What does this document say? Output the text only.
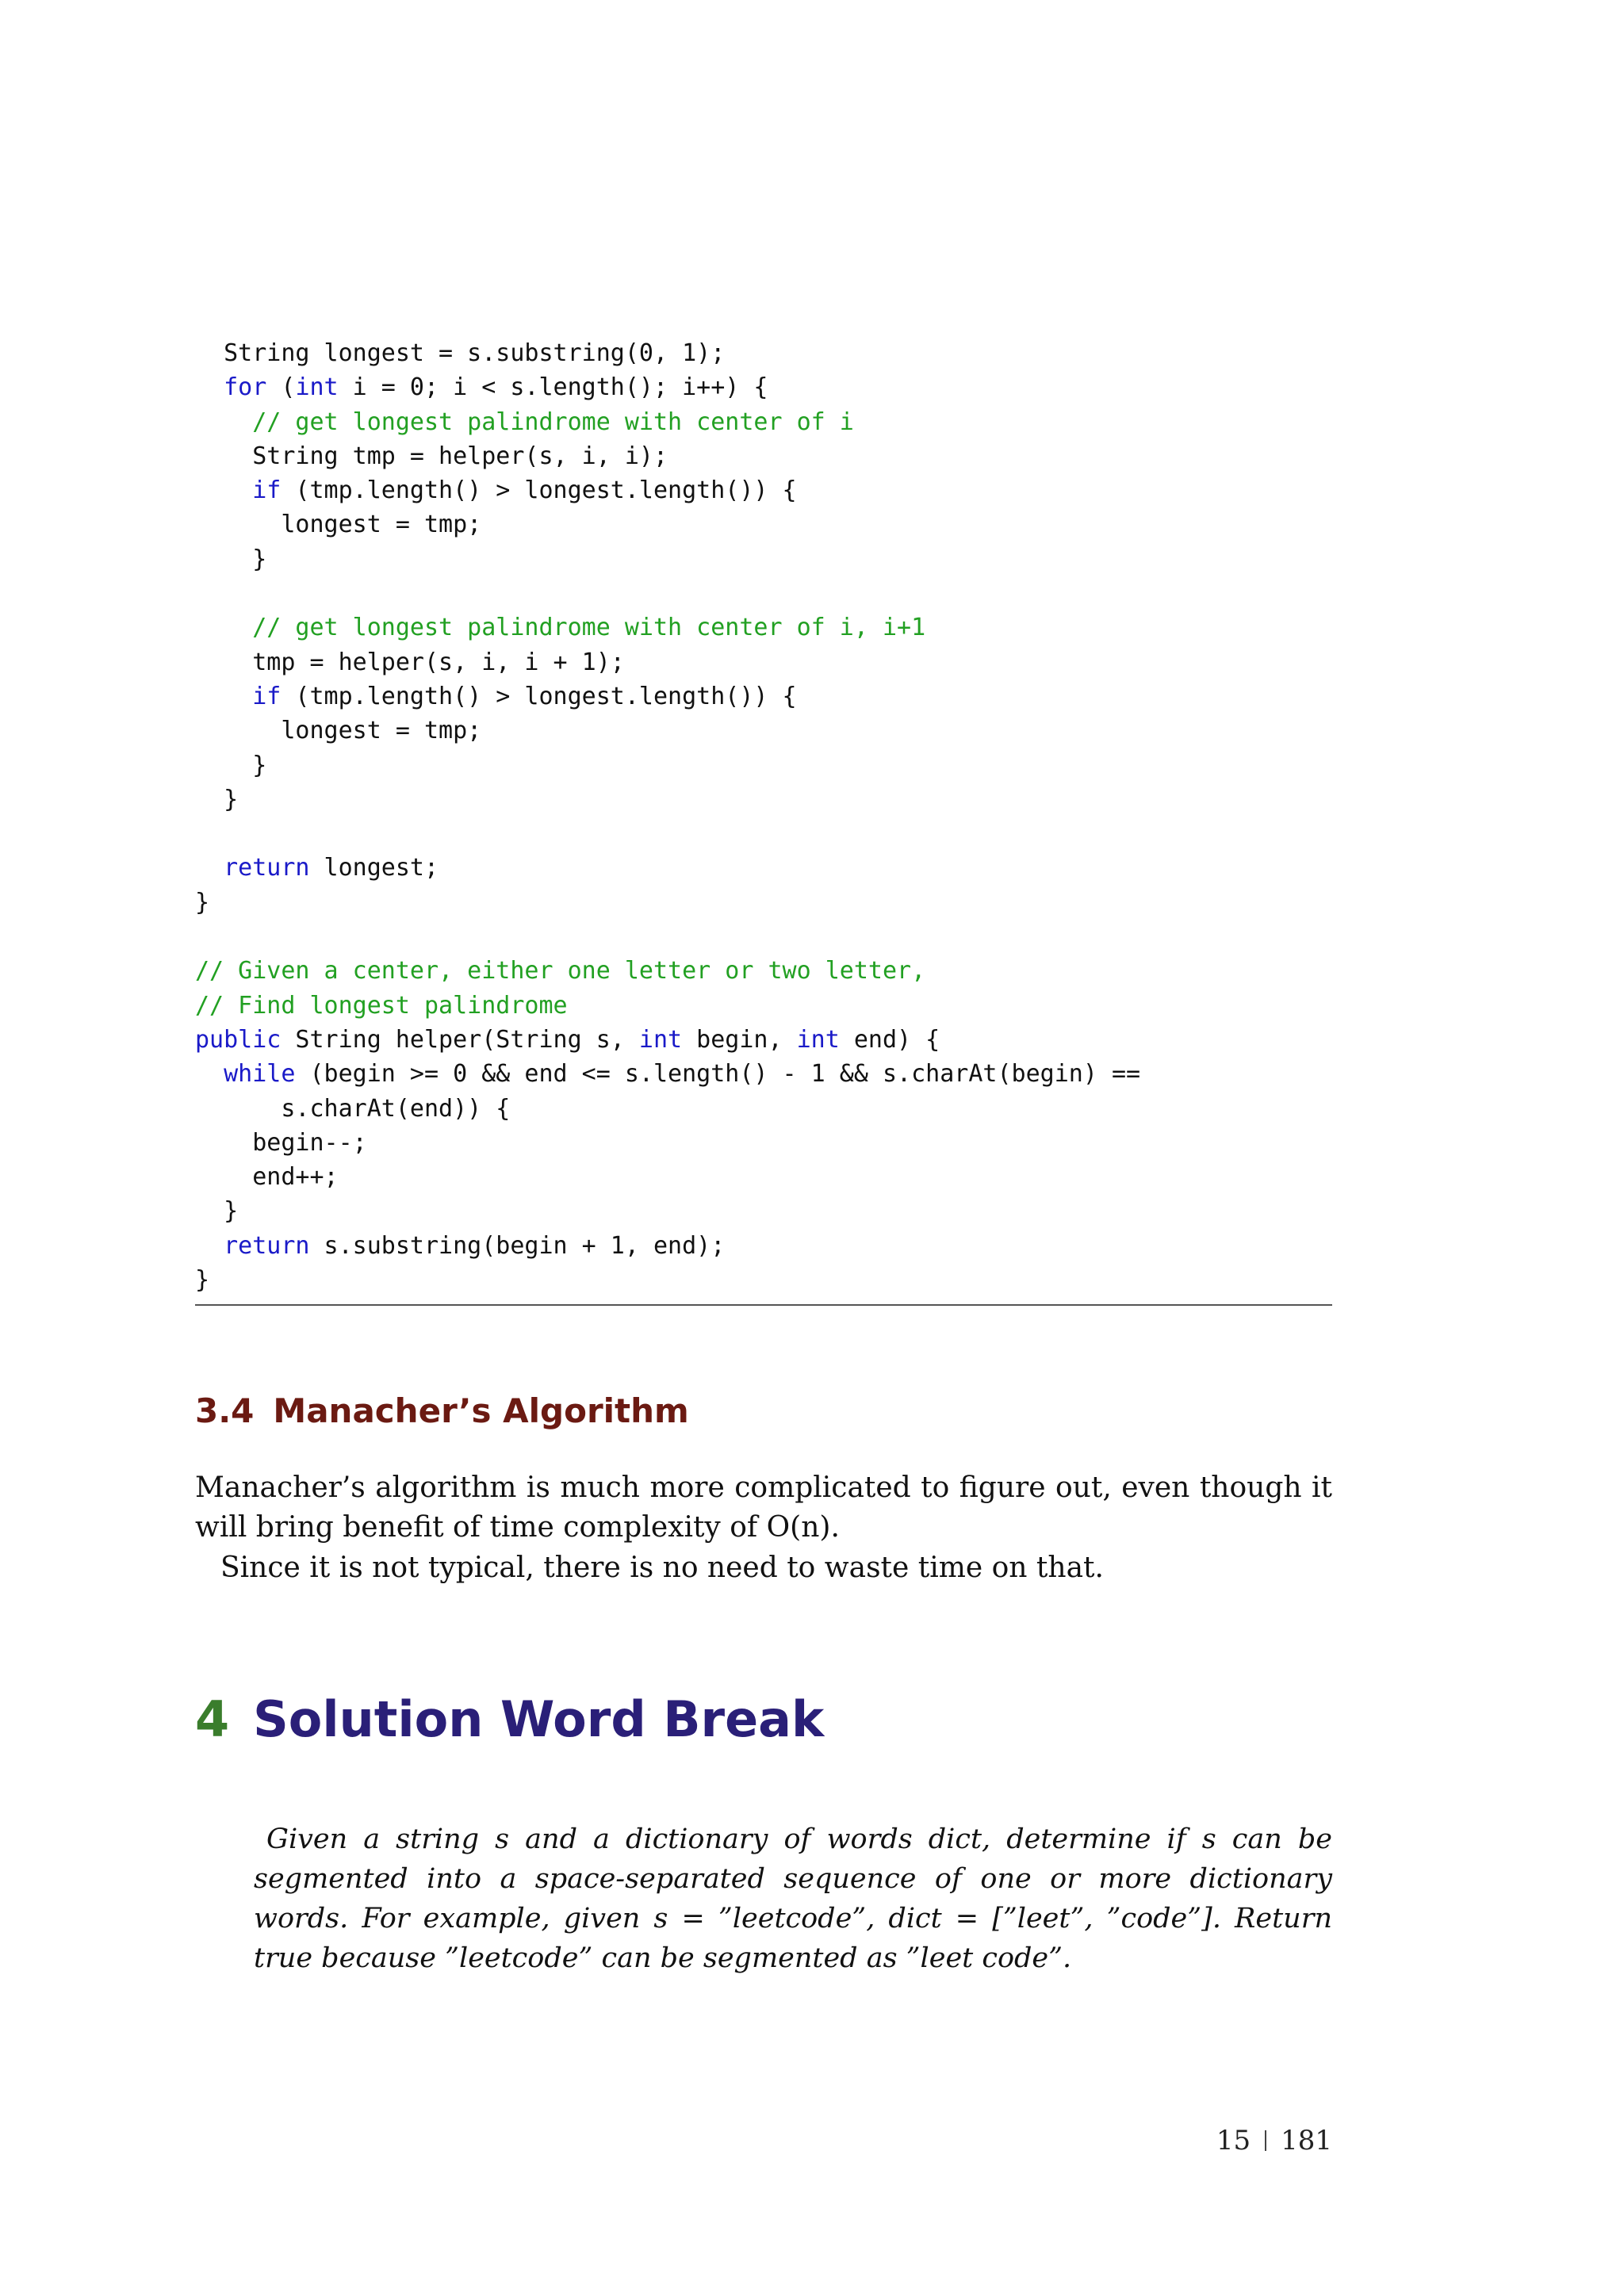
String longest = s.substring(0, 1);
for (int i = 0; i < s.length(); i++) {
// get longest palindrome with center of i
String tmp = helper(s, i, i);
if (tmp.length() > longest.length()) {
longest = tmp;
}
// get longest palindrome with center of i, i+1
tmp = helper(s, i, i + 1);
if (tmp.length() > longest.length()) {
longest = tmp;
}
}
return longest;
}
// Given a center, either one letter or two letter,
// Find longest palindrome
public String helper(String s, int begin, int end) {
while (begin >= 0 && end <= s.length() - 1 && s.charAt(begin) ==
s.charAt(end)) {
begin--;
end++;
}
return s.substring(begin + 1, end);
}
3.4 Manacher’s Algorithm
Manacher’s algorithm is much more complicated to figure out, even though it will bring benefit of time complexity of O(n).
Since it is not typical, there is no need to waste time on that.
4 Solution Word Break
Given a string s and a dictionary of words dict, determine if s can be segmented into a space-separated sequence of one or more dictionary words. For example, given s = ”leetcode”, dict = [”leet”, ”code”]. Return true because ”leetcode” can be segmented as ”leet code”.
15 181
